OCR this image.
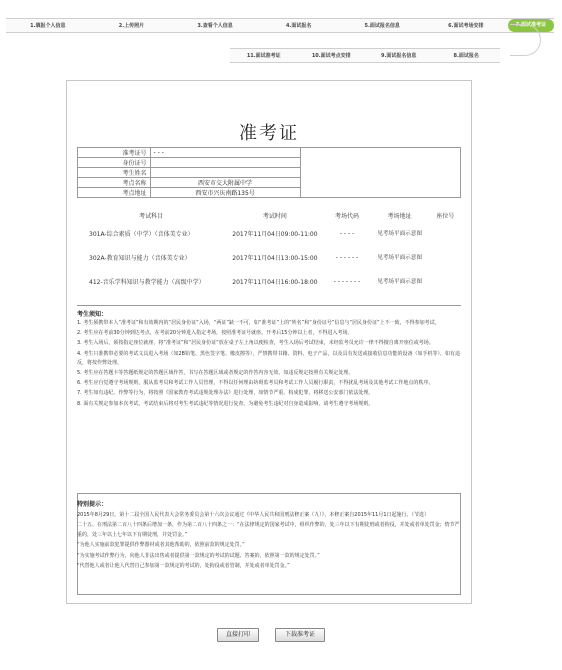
1.填报个人信息	2.上传照片	3.查看个人信息	4.面试报名	5.面试报名信息	6.面试考场安排	7.面试准考证
11.面试准考证	10.面试考点安排	9.面试报名信息	8.面试报名
准考证
准考证号	- - -	
身份证号		
考生姓名		
考点名称	西安市交大附属中学	
考点地址	西安市兴庆南路135号	
考试科目	考试时间	考场代码	考场地址	座位号
301A-综合素质（中学）（音体美专业）	2017年11月04日09:00-11:00	- - - -	见考场平面示意图	
302A-教育知识与能力（音体美专业）	2017年11月04日13:00-15:00	- - - - - -	见考场平面示意图	
412-音乐学科知识与教学能力（高级中学）	2017年11月04日16:00-18:00	- - - - - - -	见考场平面示意图	
考生须知：

1. 考生须携带本人“准考证”和有效期内的“居民身份证”入场，“两证”缺一不可，如“准考证”上的“姓名”和“身份证号”信息与“居民身份证”上不一致，不得参加考试。

2. 考生应在考前30分钟到达考点，在考前20分钟进入指定考场，按照准考证号就座。开考后15分钟以上者，不得进入考场。

3. 考生入场后，须按指定座位就座，将“准考证”和“居民身份证”放在桌子左上角以便检查，考生入场后考试结束，未经监考员允许一律不得擅自离开座位或考场。

4. 考生只准携带必要的考试文具进入考场（如2B铅笔、黑色签字笔、橡皮擦等），严禁携带书籍、资料、电子产品，以及具有发送或接收信息功能的设备（如手机等），如有违反，将按作弊处理。

5. 考生应在答题卡等答题纸规定的答题区域作答，书写在答题区域或者规定的作答内容无效，如违反规定按照有关规定处理。

6. 考生应自觉遵守考场规则，服从监考员和考试工作人员管理，不得以任何理由妨碍监考员和考试工作人员履行职责，不得扰乱考场及其他考试工作地点的秩序。

7. 考生如有违纪、作弊等行为，将按照《国家教育考试违规处理办法》进行处理，如情节严重、构成犯罪，将移送公安部门依法处理。

8. 面有关规定参加本次考试，考试结束后将对考生考试违纪等情况进行复查，为避免考生违纪对自身造成影响，请考生遵守考场规则。

特别提示：

2015年8月29日，第十二届全国人民代表大会常务委员会第十六次会议通过《中华人民共和国刑法修正案（九）》，本修正案自2015年11月1日起施行。（节选）

二十五、在刑法第二百八十四条后增加一条，作为第二百八十四条之一：“在法律规定的国家考试中，组织作弊的，处三年以下有期徒刑或者拘役，并处或者单处罚金；情节严重的，处三年以上七年以下有期徒刑，并处罚金。”

“为他人实施前款犯罪提供作弊器材或者其他帮助的，依照前款的规定处罚。”

“为实施考试作弊行为，向他人非法出售或者提供第一款规定的考试的试题、答案的，依照第一款的规定处罚。”

“代替他人或者让他人代替自己参加第一款规定的考试的，处拘役或者管制，并处或者单处罚金。”

直接打印	下载准考证
